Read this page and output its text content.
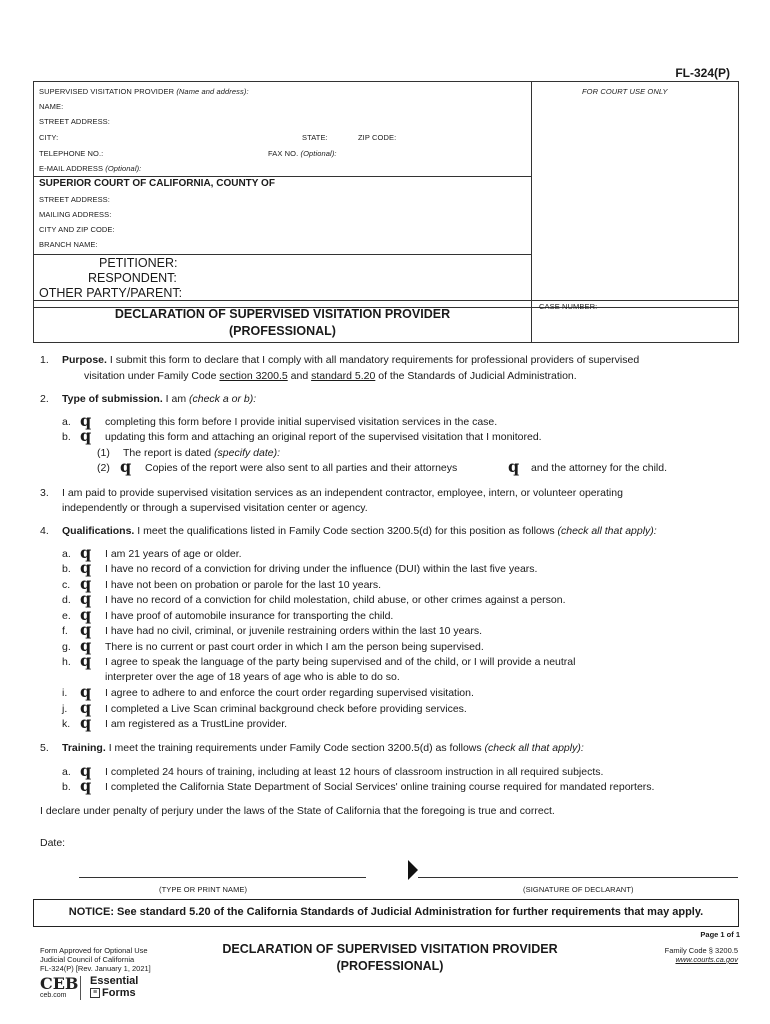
FL-324(P)
SUPERVISED VISITATION PROVIDER (Name and address):	FOR COURT USE ONLY
NAME:
STREET ADDRESS:
CITY:	STATE:	ZIP CODE:
TELEPHONE NO.:	FAX NO. (Optional):
E-MAIL ADDRESS (Optional):
SUPERIOR COURT OF CALIFORNIA, COUNTY OF
STREET ADDRESS:
MAILING ADDRESS:
CITY AND ZIP CODE:
BRANCH NAME:
PETITIONER:
RESPONDENT:
OTHER PARTY/PARENT:
DECLARATION OF SUPERVISED VISITATION PROVIDER
(PROFESSIONAL)
CASE NUMBER:
1. Purpose. I submit this form to declare that I comply with all mandatory requirements for professional providers of supervised
visitation under Family Code section 3200.5 and standard 5.20 of the Standards of Judicial Administration.
2. Type of submission. I am (check a or b):
a. q completing this form before I provide initial supervised visitation services in the case.
b. q updating this form and attaching an original report of the supervised visitation that I monitored.
(1) The report is dated (specify date):
(2) q Copies of the report were also sent to all parties and their attorneys	q and the attorney for the child.
3. I am paid to provide supervised visitation services as an independent contractor, employee, intern, or volunteer operating
independently or through a supervised visitation center or agency.
4. Qualifications. I meet the qualifications listed in Family Code section 3200.5(d) for this position as follows (check all that apply):
a. q I am 21 years of age or older.
b. q I have no record of a conviction for driving under the influence (DUI) within the last five years.
c. q I have not been on probation or parole for the last 10 years.
d. q I have no record of a conviction for child molestation, child abuse, or other crimes against a person.
e. q I have proof of automobile insurance for transporting the child.
f. q I have had no civil, criminal, or juvenile restraining orders within the last 10 years.
g. q There is no current or past court order in which I am the person being supervised.
h. q I agree to speak the language of the party being supervised and of the child, or I will provide a neutral
interpreter over the age of 18 years of age who is able to do so.
i. q I agree to adhere to and enforce the court order regarding supervised visitation.
j. q I completed a Live Scan criminal background check before providing services.
k. q I am registered as a TrustLine provider.
5. Training. I meet the training requirements under Family Code section 3200.5(d) as follows (check all that apply):
a. q I completed 24 hours of training, including at least 12 hours of classroom instruction in all required subjects.
b. q I completed the California State Department of Social Services' online training course required for mandated reporters.
I declare under penalty of perjury under the laws of the State of California that the foregoing is true and correct.
Date:
(TYPE OR PRINT NAME)	(SIGNATURE OF DECLARANT)
NOTICE: See standard 5.20 of the California Standards of Judicial Administration for further requirements that may apply.
Page 1 of 1
Form Approved for Optional Use
Judicial Council of California
FL-324(P) [Rev. January 1, 2021]
DECLARATION OF SUPERVISED VISITATION PROVIDER
(PROFESSIONAL)
Family Code § 3200.5
www.courts.ca.gov
CEB
ceb.com
Essential
≡ Forms
